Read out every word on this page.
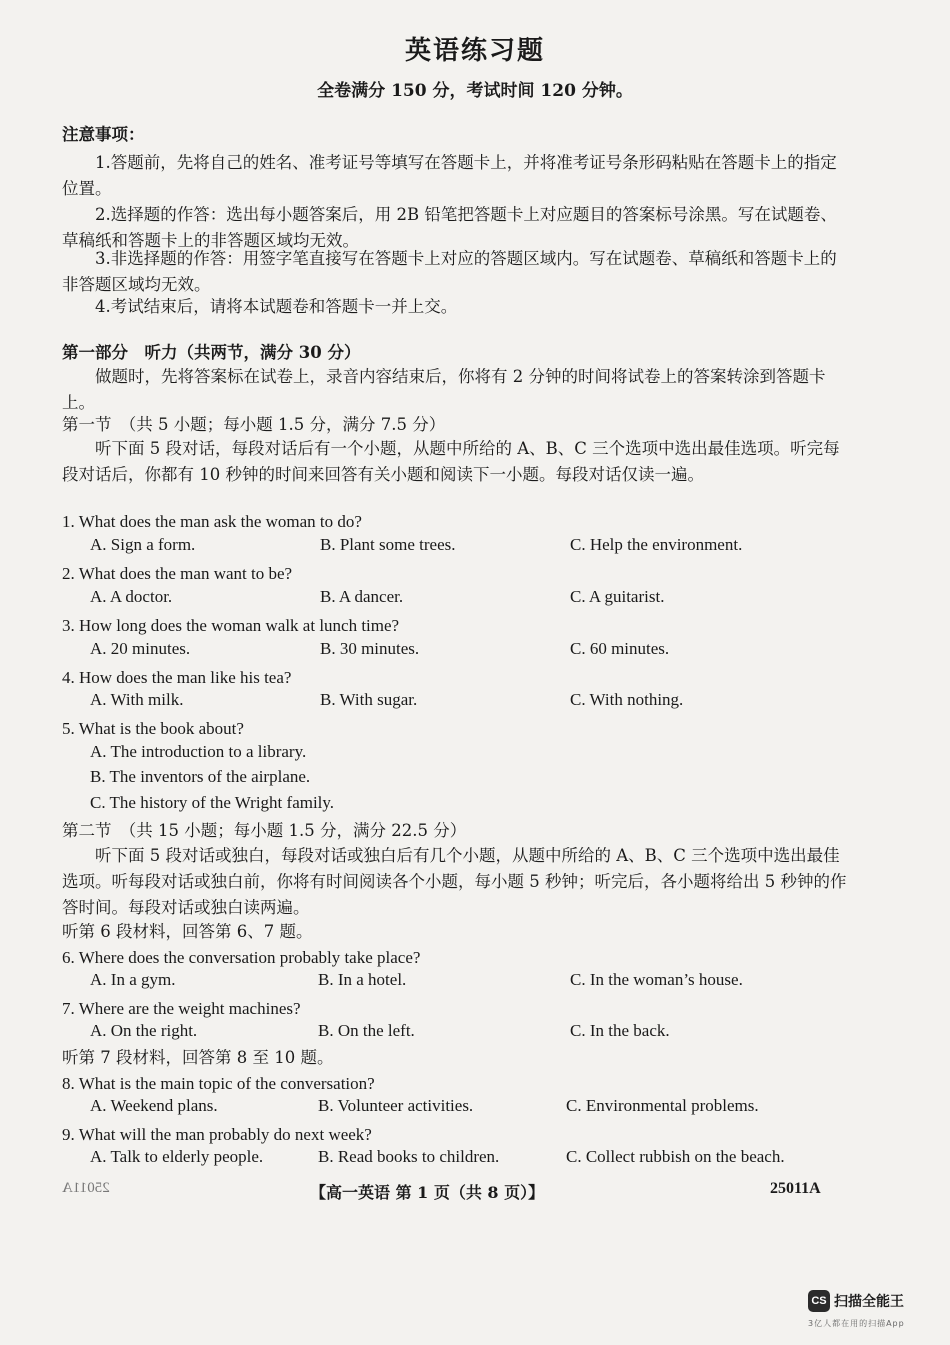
英语练习题
全卷满分 150 分，考试时间 120 分钟。
注意事项：
1.答题前，先将自己的姓名、准考证号等填写在答题卡上，并将准考证号条形码粘贴在答题卡上的指定位置。
2.选择题的作答：选出每小题答案后，用 2B 铅笔把答题卡上对应题目的答案标号涂黑。写在试题卷、草稿纸和答题卡上的非答题区域均无效。
3.非选择题的作答：用签字笔直接写在答题卡上对应的答题区域内。写在试题卷、草稿纸和答题卡上的非答题区域均无效。
4.考试结束后，请将本试题卷和答题卡一并上交。
第一部分　听力（共两节，满分 30 分）
做题时，先将答案标在试卷上，录音内容结束后，你将有 2 分钟的时间将试卷上的答案转涂到答题卡上。
第一节　（共 5 小题；每小题 1.5 分，满分 7.5 分）
听下面 5 段对话，每段对话后有一个小题，从题中所给的 A、B、C 三个选项中选出最佳选项。听完每段对话后，你都有 10 秒钟的时间来回答有关小题和阅读下一小题。每段对话仅读一遍。
1. What does the man ask the woman to do?
A. Sign a form.	B. Plant some trees.	C. Help the environment.
2. What does the man want to be?
A. A doctor.	B. A dancer.	C. A guitarist.
3. How long does the woman walk at lunch time?
A. 20 minutes.	B. 30 minutes.	C. 60 minutes.
4. How does the man like his tea?
A. With milk.	B. With sugar.	C. With nothing.
5. What is the book about?
A. The introduction to a library.
B. The inventors of the airplane.
C. The history of the Wright family.
第二节　（共 15 小题；每小题 1.5 分，满分 22.5 分）
听下面 5 段对话或独白，每段对话或独白后有几个小题，从题中所给的 A、B、C 三个选项中选出最佳选项。听每段对话或独白前，你将有时间阅读各个小题，每小题 5 秒钟；听完后，各小题将给出 5 秒钟的作答时间。每段对话或独白读两遍。
听第 6 段材料，回答第 6、7 题。
6. Where does the conversation probably take place?
A. In a gym.	B. In a hotel.	C. In the woman’s house.
7. Where are the weight machines?
A. On the right.	B. On the left.	C. In the back.
听第 7 段材料，回答第 8 至 10 题。
8. What is the main topic of the conversation?
A. Weekend plans.	B. Volunteer activities.	C. Environmental problems.
9. What will the man probably do next week?
A. Talk to elderly people.	B. Read books to children.	C. Collect rubbish on the beach.
25011A	【高一英语 第 1 页（共 8 页）】	25011A
CS 扫描全能王
3亿人都在用的扫描App
